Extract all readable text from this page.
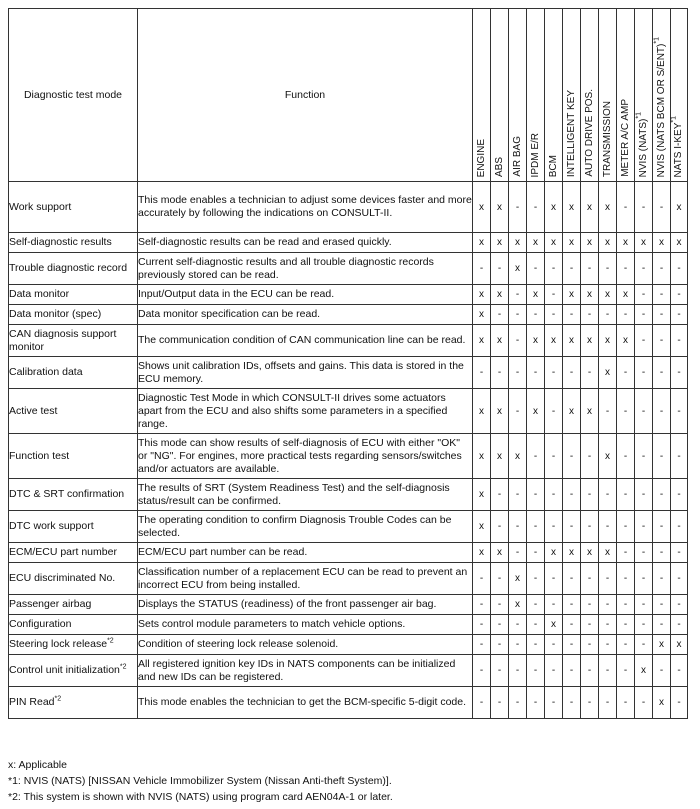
Diagnostic test mode	Function	ENGINE	ABS	AIR BAG	IPDM E/R	BCM	INTELLIGENT KEY	AUTO DRIVE POS.	TRANSMISSION	METER A/C AMP	NVIS (NATS)$^{*1}$	NVIS (NATS BCM OR S/ENT)$^{*1}$	NATS I-KEY$^{*1}$
Work support	This mode enables a technician to adjust some devices faster and more accurately by following the indications on CONSULT-II.	x	x	-	-	x	x	x	x	-	-	-	x
Self-diagnostic results	Self-diagnostic results can be read and erased quickly.	x	x	x	x	x	x	x	x	x	x	x	x
Trouble diagnostic record	Current self-diagnostic results and all trouble diagnostic records previously stored can be read.	-	-	x	-	-	-	-	-	-	-	-	-
Data monitor	Input/Output data in the ECU can be read.	x	x	-	x	-	x	x	x	x	-	-	-
Data monitor (spec)	Data monitor specification can be read.	x	-	-	-	-	-	-	-	-	-	-	-
CAN diagnosis support monitor	The communication condition of CAN communication line can be read.	x	x	-	x	x	x	x	x	x	-	-	-
Calibration data	Shows unit calibration IDs, offsets and gains. This data is stored in the ECU memory.	-	-	-	-	-	-	-	x	-	-	-	-
Active test	Diagnostic Test Mode in which CONSULT-II drives some actuators apart from the ECU and also shifts some parameters in a specified range.	x	x	-	x	-	x	x	-	-	-	-	-
Function test	This mode can show results of self-diagnosis of ECU with either "OK" or "NG". For engines, more practical tests regarding sensors/switches and/or actuators are available.	x	x	x	-	-	-	-	x	-	-	-	-
DTC & SRT confirmation	The results of SRT (System Readiness Test) and the self-diagnosis status/result can be confirmed.	x	-	-	-	-	-	-	-	-	-	-	-
DTC work support	The operating condition to confirm Diagnosis Trouble Codes can be selected.	x	-	-	-	-	-	-	-	-	-	-	-
ECM/ECU part number	ECM/ECU part number can be read.	x	x	-	-	x	x	x	x	-	-	-	-
ECU discriminated No.	Classification number of a replacement ECU can be read to prevent an incorrect ECU from being installed.	-	-	x	-	-	-	-	-	-	-	-	-
Passenger airbag	Displays the STATUS (readiness) of the front passenger air bag.	-	-	x	-	-	-	-	-	-	-	-	-
Configuration	Sets control module parameters to match vehicle options.	-	-	-	-	x	-	-	-	-	-	-	-
Steering lock release$^{*2}$	Condition of steering lock release solenoid.	-	-	-	-	-	-	-	-	-	-	x	x
Control unit initialization$^{*2}$	All registered ignition key IDs in NATS components can be initialized and new IDs can be registered.	-	-	-	-	-	-	-	-	-	x	-	-
PIN Read$^{*2}$	This mode enables the technician to get the BCM-specific 5-digit code.	-	-	-	-	-	-	-	-	-	-	x	-
x: Applicable
*1: NVIS (NATS) [NISSAN Vehicle Immobilizer System (Nissan Anti-theft System)].
*2: This system is shown with NVIS (NATS) using program card AEN04A-1 or later.
